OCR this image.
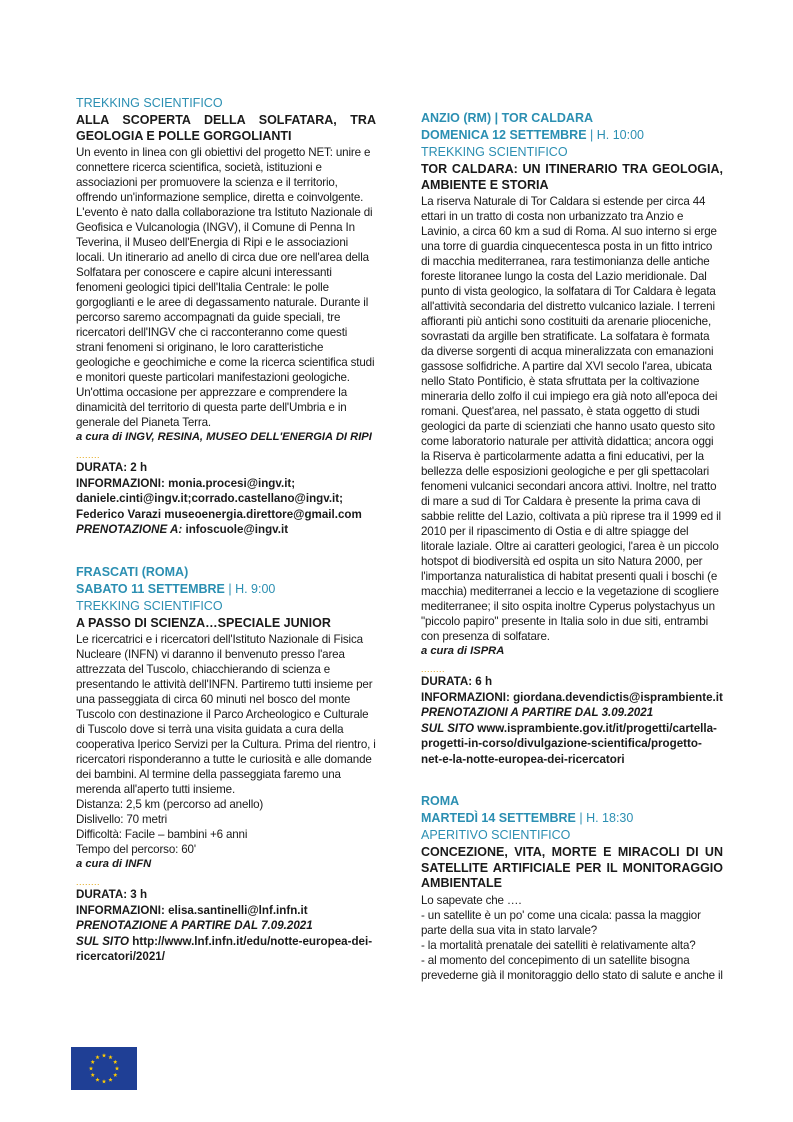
TREKKING SCIENTIFICO
ALLA SCOPERTA DELLA SOLFATARA, TRA GEOLOGIA E POLLE GORGOLIANTI

Un evento in linea con gli obiettivi del progetto NET: unire e connettere ricerca scientifica, società, istituzioni e associazioni per promuovere la scienza e il territorio, offrendo un'informazione semplice, diretta e coinvolgente.

L'evento è nato dalla collaborazione tra Istituto Nazionale di Geofisica e Vulcanologia (INGV), il Comune di Penna In Teverina, il Museo dell'Energia di Ripi e le associazioni locali. Un itinerario ad anello di circa due ore nell'area della Solfatara per conoscere e capire alcuni interessanti fenomeni geologici tipici dell'Italia Centrale: le polle gorgoglianti e le aree di degassamento naturale. Durante il percorso saremo accompagnati da guide speciali, tre ricercatori dell'INGV che ci racconteranno come questi strani fenomeni si originano, le loro caratteristiche geologiche e geochimiche e come la ricerca scientifica studi e monitori queste particolari manifestazioni geologiche. Un'ottima occasione per apprezzare e comprendere la dinamicità del territorio di questa parte dell'Umbria e in generale del Pianeta Terra.

a cura di INGV, RESINA, MUSEO DELL'ENERGIA DI RIPI
........

DURATA: 2 h

INFORMAZIONI: monia.procesi@ingv.it;

daniele.cinti@ingv.it;corrado.castellano@ingv.it;

Federico Varazi museoenergia.direttore@gmail.com

PRENOTAZIONE A: infoscuole@ingv.it

FRASCATI (ROMA)
SABATO 11 SETTEMBRE | H. 9:00
TREKKING SCIENTIFICO
A PASSO DI SCIENZA…SPECIALE JUNIOR

Le ricercatrici e i ricercatori dell'Istituto Nazionale di Fisica Nucleare (INFN) vi daranno il benvenuto presso l'area attrezzata del Tuscolo, chiacchierando di scienza e presentando le attività dell'INFN. Partiremo tutti insieme per una passeggiata di circa 60 minuti nel bosco del monte Tuscolo con destinazione il Parco Archeologico e Culturale di Tuscolo dove si terrà una visita guidata a cura della cooperativa Iperico Servizi per la Cultura. Prima del rientro, i ricercatori risponderanno a tutte le curiosità e alle domande dei bambini. Al termine della passeggiata faremo una merenda all'aperto tutti insieme.

Distanza: 2,5 km (percorso ad anello)

Dislivello: 70 metri

Difficoltà: Facile – bambini +6 anni

Tempo del percorso: 60'

a cura di INFN
........

DURATA: 3 h

INFORMAZIONI: elisa.santinelli@lnf.infn.it

PRENOTAZIONE A PARTIRE DAL 7.09.2021

SUL SITO http://www.lnf.infn.it/edu/notte-europea-dei-ricercatori/2021/

ANZIO (RM) | TOR CALDARA
DOMENICA 12 SETTEMBRE | H. 10:00
TREKKING SCIENTIFICO
TOR CALDARA: UN ITINERARIO TRA GEOLOGIA, AMBIENTE E STORIA

La riserva Naturale di Tor Caldara si estende per circa 44 ettari in un tratto di costa non urbanizzato tra Anzio e Lavinio, a circa 60 km a sud di Roma. Al suo interno si erge una torre di guardia cinquecentesca posta in un fitto intrico di macchia mediterranea, rara testimonianza delle antiche foreste litoranee lungo la costa del Lazio meridionale. Dal punto di vista geologico, la solfatara di Tor Caldara è legata all'attività secondaria del distretto vulcanico laziale. I terreni affioranti più antichi sono costituiti da arenarie plioceniche, sovrastati da argille ben stratificate. La solfatara è formata da diverse sorgenti di acqua mineralizzata con emanazioni gassose solfidriche. A partire dal XVI secolo l'area, ubicata nello Stato Pontificio, è stata sfruttata per la coltivazione mineraria dello zolfo il cui impiego era già noto all'epoca dei romani. Quest'area, nel passato, è stata oggetto di studi geologici da parte di scienziati che hanno usato questo sito come laboratorio naturale per attività didattica; ancora oggi la Riserva è particolarmente adatta a fini educativi, per la bellezza delle esposizioni geologiche e per gli spettacolari fenomeni vulcanici secondari ancora attivi. Inoltre, nel tratto di mare a sud di Tor Caldara è presente la prima cava di sabbie relitte del Lazio, coltivata a più riprese tra il 1999 ed il 2010 per il ripascimento di Ostia e di altre spiagge del litorale laziale. Oltre ai caratteri geologici, l'area è un piccolo hotspot di biodiversità ed ospita un sito Natura 2000, per l'importanza naturalistica di habitat presenti quali i boschi (e macchia) mediterranei a leccio e la vegetazione di scogliere mediterranee; il sito ospita inoltre Cyperus polystachyus un "piccolo papiro" presente in Italia solo in due siti, entrambi con presenza di solfatare.

a cura di ISPRA
........

DURATA: 6 h

INFORMAZIONI: giordana.devendictis@isprambiente.it

PRENOTAZIONI A PARTIRE DAL 3.09.2021

SUL SITO www.isprambiente.gov.it/it/progetti/cartella-progetti-in-corso/divulgazione-scientifica/progetto-net-e-la-notte-europea-dei-ricercatori

ROMA
MARTEDÌ 14 SETTEMBRE | H. 18:30
APERITIVO SCIENTIFICO
CONCEZIONE, VITA, MORTE E MIRACOLI DI UN SATELLITE ARTIFICIALE PER IL MONITORAGGIO AMBIENTALE

Lo sapevate che ….

- un satellite è un po' come una cicala: passa la maggior parte della sua vita in stato larvale?

- la mortalità prenatale dei satelliti è relativamente alta?

- al momento del concepimento di un satellite bisogna prevederne già il monitoraggio dello stato di salute e anche il
